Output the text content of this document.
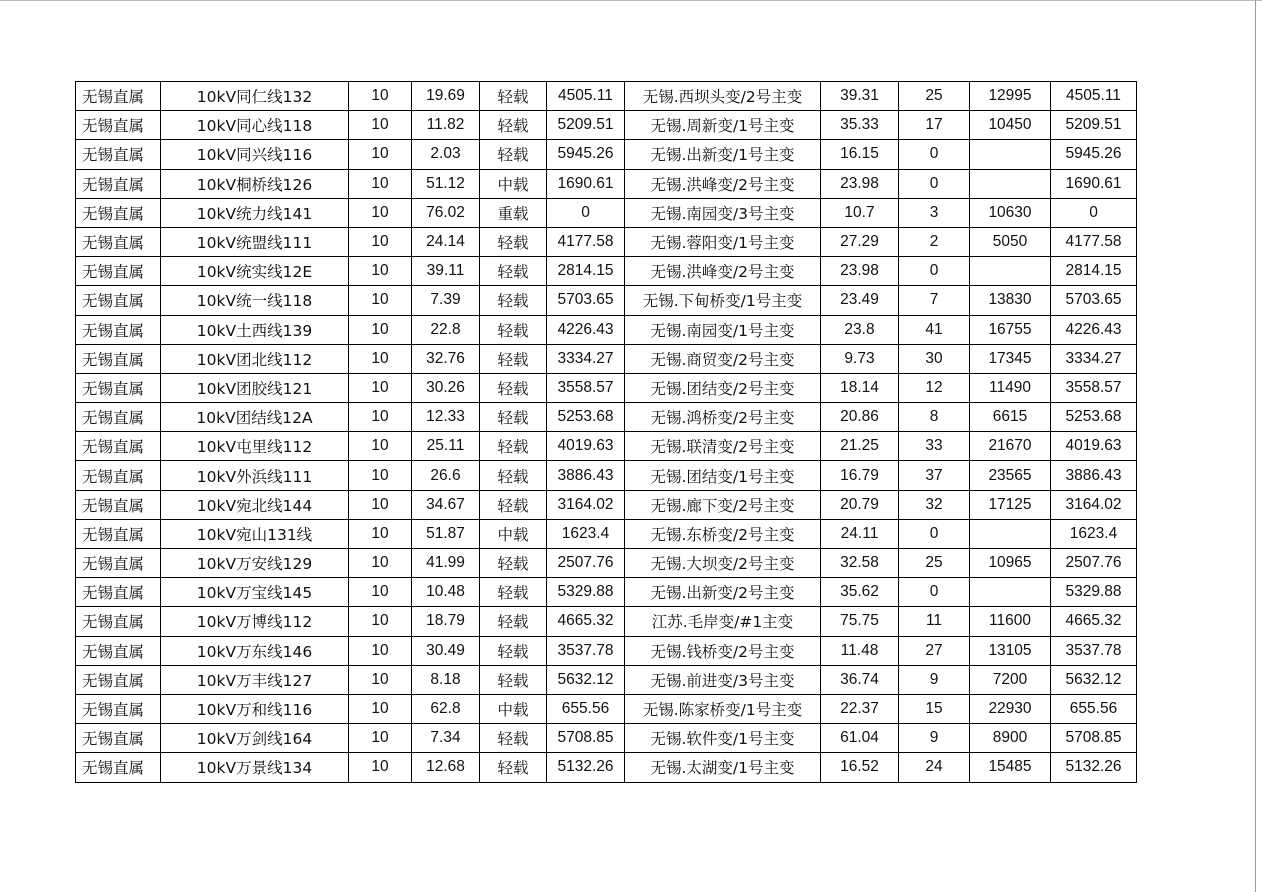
无锡直属	10kV同仁线132	10	19.69	轻载	4505.11	无锡.西坝头变/2号主变	39.31	25	12995	4505.11
无锡直属	10kV同心线118	10	11.82	轻载	5209.51	无锡.周新变/1号主变	35.33	17	10450	5209.51
无锡直属	10kV同兴线116	10	2.03	轻载	5945.26	无锡.出新变/1号主变	16.15	0		5945.26
无锡直属	10kV桐桥线126	10	51.12	中载	1690.61	无锡.洪峰变/2号主变	23.98	0		1690.61
无锡直属	10kV统力线141	10	76.02	重载	0	无锡.南园变/3号主变	10.7	3	10630	0
无锡直属	10kV统盟线111	10	24.14	轻载	4177.58	无锡.蓉阳变/1号主变	27.29	2	5050	4177.58
无锡直属	10kV统实线12E	10	39.11	轻载	2814.15	无锡.洪峰变/2号主变	23.98	0		2814.15
无锡直属	10kV统一线118	10	7.39	轻载	5703.65	无锡.下甸桥变/1号主变	23.49	7	13830	5703.65
无锡直属	10kV土西线139	10	22.8	轻载	4226.43	无锡.南园变/1号主变	23.8	41	16755	4226.43
无锡直属	10kV团北线112	10	32.76	轻载	3334.27	无锡.商贸变/2号主变	9.73	30	17345	3334.27
无锡直属	10kV团胶线121	10	30.26	轻载	3558.57	无锡.团结变/2号主变	18.14	12	11490	3558.57
无锡直属	10kV团结线12A	10	12.33	轻载	5253.68	无锡.鸿桥变/2号主变	20.86	8	6615	5253.68
无锡直属	10kV屯里线112	10	25.11	轻载	4019.63	无锡.联清变/2号主变	21.25	33	21670	4019.63
无锡直属	10kV外浜线111	10	26.6	轻载	3886.43	无锡.团结变/1号主变	16.79	37	23565	3886.43
无锡直属	10kV宛北线144	10	34.67	轻载	3164.02	无锡.廊下变/2号主变	20.79	32	17125	3164.02
无锡直属	10kV宛山131线	10	51.87	中载	1623.4	无锡.东桥变/2号主变	24.11	0		1623.4
无锡直属	10kV万安线129	10	41.99	轻载	2507.76	无锡.大坝变/2号主变	32.58	25	10965	2507.76
无锡直属	10kV万宝线145	10	10.48	轻载	5329.88	无锡.出新变/2号主变	35.62	0		5329.88
无锡直属	10kV万博线112	10	18.79	轻载	4665.32	江苏.毛岸变/#1主变	75.75	11	11600	4665.32
无锡直属	10kV万东线146	10	30.49	轻载	3537.78	无锡.钱桥变/2号主变	11.48	27	13105	3537.78
无锡直属	10kV万丰线127	10	8.18	轻载	5632.12	无锡.前进变/3号主变	36.74	9	7200	5632.12
无锡直属	10kV万和线116	10	62.8	中载	655.56	无锡.陈家桥变/1号主变	22.37	15	22930	655.56
无锡直属	10kV万剑线164	10	7.34	轻载	5708.85	无锡.软件变/1号主变	61.04	9	8900	5708.85
无锡直属	10kV万景线134	10	12.68	轻载	5132.26	无锡.太湖变/1号主变	16.52	24	15485	5132.26
